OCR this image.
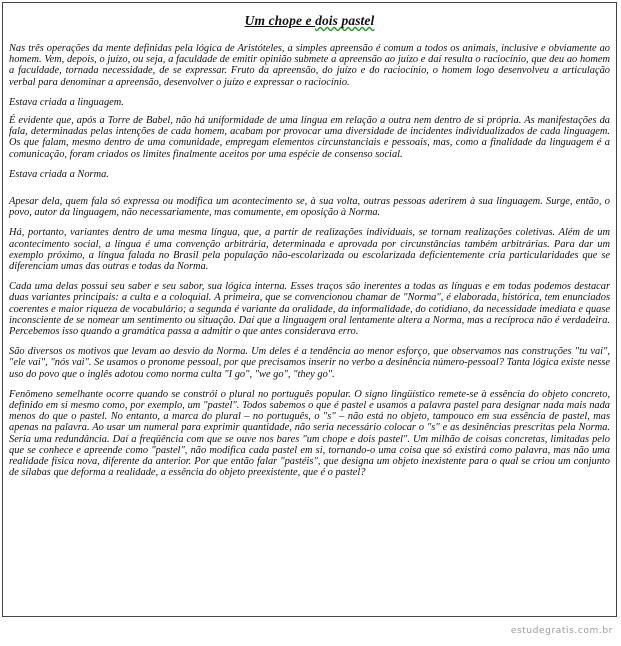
Um chope e dois pastel

Nas três operações da mente definidas pela lógica de Aristóteles, a simples apreensão é comum a todos os animais, inclusive e obviamente ao homem. Vem, depois, o juízo, ou seja, a faculdade de emitir opinião submete a apreensão ao juízo e daí resulta o raciocínio, que deu ao homem a faculdade, tornada necessidade, de se expressar. Fruto da apreensão, do juízo e do raciocínio, o homem logo desenvolveu a articulação verbal para denominar a apreensão, desenvolver o juízo e expressar o raciocínio.

Estava criada a linguagem.

É evidente que, após a Torre de Babel, não há uniformidade de uma língua em relação a outra nem dentro de si própria. As manifestações da fala, determinadas pelas intenções de cada homem, acabam por provocar uma diversidade de incidentes individualizados de cada linguagem. Os que falam, mesmo dentro de uma comunidade, empregam elementos circunstanciais e pessoais, mas, como a finalidade da linguagem é a comunicação, foram criados os limites finalmente aceitos por uma espécie de consenso social.

Estava criada a Norma.

Apesar dela, quem fala só expressa ou modifica um acontecimento se, à sua volta, outras pessoas aderirem à sua linguagem. Surge, então, o povo, autor da linguagem, não necessariamente, mas comumente, em oposição à Norma.

Há, portanto, variantes dentro de uma mesma língua, que, a partir de realizações individuais, se tornam realizações coletivas. Além de um acontecimento social, a língua é uma convenção arbitrária, determinada e aprovada por circunstâncias também arbitrárias. Para dar um exemplo próximo, a língua falada no Brasil pela população não-escolarizada ou escolarizada deficientemente cria particularidades que se diferenciam umas das outras e todas da Norma.

Cada uma delas possui seu saber e seu sabor, sua lógica interna. Esses traços são inerentes a todas as línguas e em todas podemos destacar duas variantes principais: a culta e a coloquial. A primeira, que se convencionou chamar de "Norma", é elaborada, histórica, tem enunciados coerentes e maior riqueza de vocabulário; a segunda é variante da oralidade, da informalidade, do cotidiano, da necessidade imediata e quase inconsciente de se nomear um sentimento ou situação. Daí que a linguagem oral lentamente altera a Norma, mas a recíproca não é verdadeira. Percebemos isso quando a gramática passa a admitir o que antes considerava erro.

São diversos os motivos que levam ao desvio da Norma. Um deles é a tendência ao menor esforço, que observamos nas construções "tu vai", "ele vai", "nós vai". Se usamos o pronome pessoal, por que precisamos inserir no verbo a desinência número-pessoal? Tanta lógica existe nesse uso do povo que o inglês adotou como norma culta "I go", "we go", "they go".

Fenômeno semelhante ocorre quando se constrói o plural no português popular. O signo lingüístico remete-se à essência do objeto concreto, definido em si mesmo como, por exemplo, um "pastel". Todos sabemos o que é pastel e usamos a palavra pastel para designar nada mais nada menos do que o pastel. No entanto, a marca do plural – no português, o "s" – não está no objeto, tampouco em sua essência de pastel, mas apenas na palavra. Ao usar um numeral para exprimir quantidade, não seria necessário colocar o "s" e as desinências prescritas pela Norma. Seria uma redundância. Daí a freqüência com que se ouve nos bares "um chope e dois pastel". Um milhão de coisas concretas, limitadas pelo que se conhece e apreende como "pastel", não modifica cada pastel em si, tornando-o uma coisa que só existirá como palavra, mas não uma realidade física nova, diferente da anterior. Por que então falar "pastéis", que designa um objeto inexistente para o qual se criou um conjunto de sílabas que deforma a realidade, a essência do objeto preexistente, que é o pastel?

estudegratis.com.br
